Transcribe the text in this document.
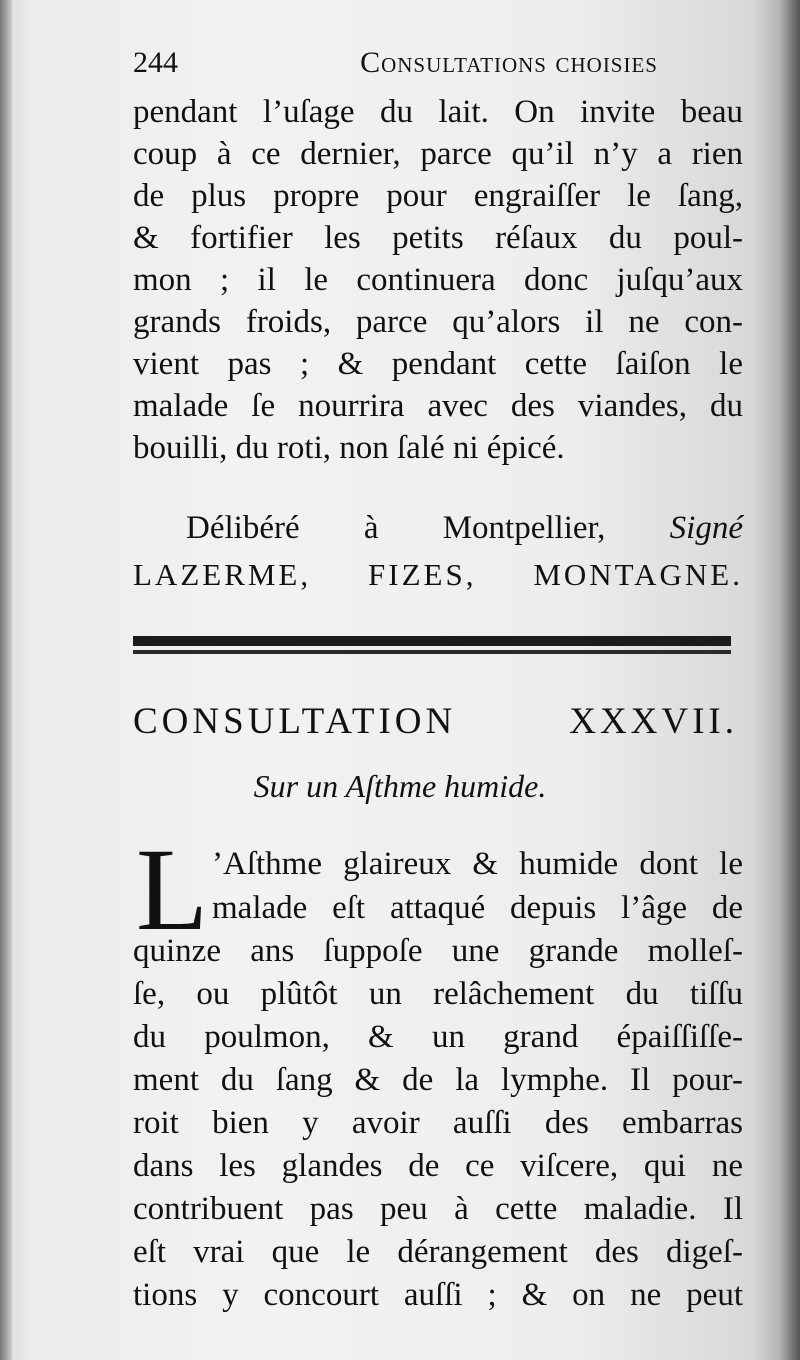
244	Consultations choisies
pendant l’uſage du lait. On invite beau
coup à ce dernier, parce qu’il n’y a rien
de plus propre pour engraiſſer le ſang,
& fortifier les petits réſaux du poul-
mon ; il le continuera donc juſqu’aux
grands froids, parce qu’alors il ne con-
vient pas ; & pendant cette ſaiſon le
malade ſe nourrira avec des viandes, du
bouilli, du roti, non ſalé ni épicé.
Délibéré à Montpellier, Signé
LAZERME, FIZES, MONTAGNE.
CONSULTATION XXXVII.
Sur un Aſthme humide.
L ’Aſthme glaireux & humide dont le
malade eſt attaqué depuis l’âge de
quinze ans ſuppoſe une grande molleſ-
ſe, ou plûtôt un relâchement du tiſſu
du poulmon, & un grand épaiſſiſſe-
ment du ſang & de la lymphe. Il pour-
roit bien y avoir auſſi des embarras
dans les glandes de ce viſcere, qui ne
contribuent pas peu à cette maladie. Il
eſt vrai que le dérangement des digeſ-
tions y concourt auſſi ; & on ne peut
